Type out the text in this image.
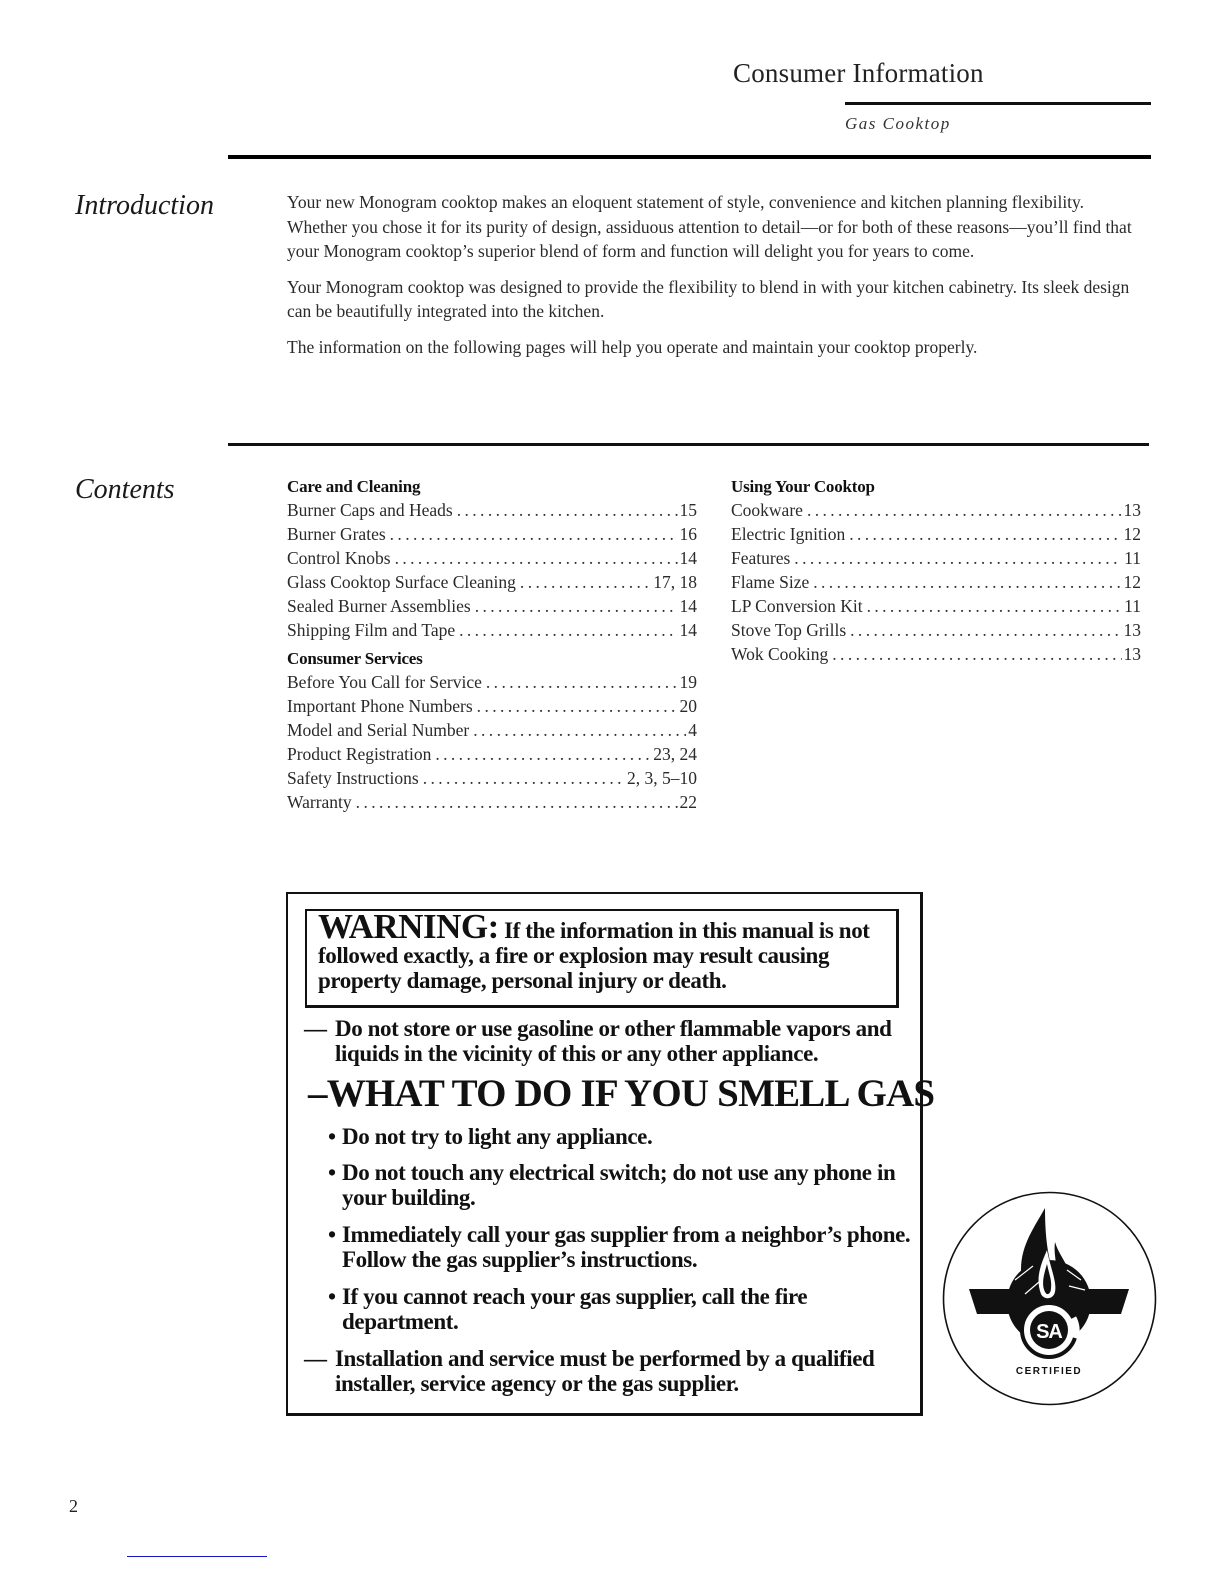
Consumer Information
Gas Cooktop
Introduction	Your new Monogram cooktop makes an eloquent statement of style, convenience and kitchen planning flexibility. Whether you chose it for its purity of design, assiduous attention to detail—or for both of these reasons—you’ll find that your Monogram cooktop’s superior blend of form and function will delight you for years to come.

Your Monogram cooktop was designed to provide the flexibility to blend in with your kitchen cabinetry. Its sleek design can be beautifully integrated into the kitchen.

The information on the following pages will help you operate and maintain your cooktop properly.

Contents	Care and Cleaning
Burner Caps and Heads .....	15
Burner Grates .....	16
Control Knobs .....	14
Glass Cooktop Surface Cleaning .....	17, 18
Sealed Burner Assemblies .....	14
Shipping Film and Tape .....	14
Consumer Services
Before You Call for Service .....	19
Important Phone Numbers .....	20
Model and Serial Number .....	4
Product Registration .....	23, 24
Safety Instructions .....	2, 3, 5–10
Warranty .....	22
Using Your Cooktop
Cookware .....	13
Electric Ignition .....	12
Features .....	11
Flame Size .....	12
LP Conversion Kit .....	11
Stove Top Grills .....	13
Wok Cooking .....	13
WARNING: If the information in this manual is not followed exactly, a fire or explosion may result causing property damage, personal injury or death.
— Do not store or use gasoline or other flammable vapors and liquids in the vicinity of this or any other appliance.
–WHAT TO DO IF YOU SMELL GAS
• Do not try to light any appliance.
• Do not touch any electrical switch; do not use any phone in your building.
• Immediately call your gas supplier from a neighbor’s phone. Follow the gas supplier’s instructions.
• If you cannot reach your gas supplier, call the fire department.
— Installation and service must be performed by a qualified installer, service agency or the gas supplier.
SA
CERTIFIED
2
